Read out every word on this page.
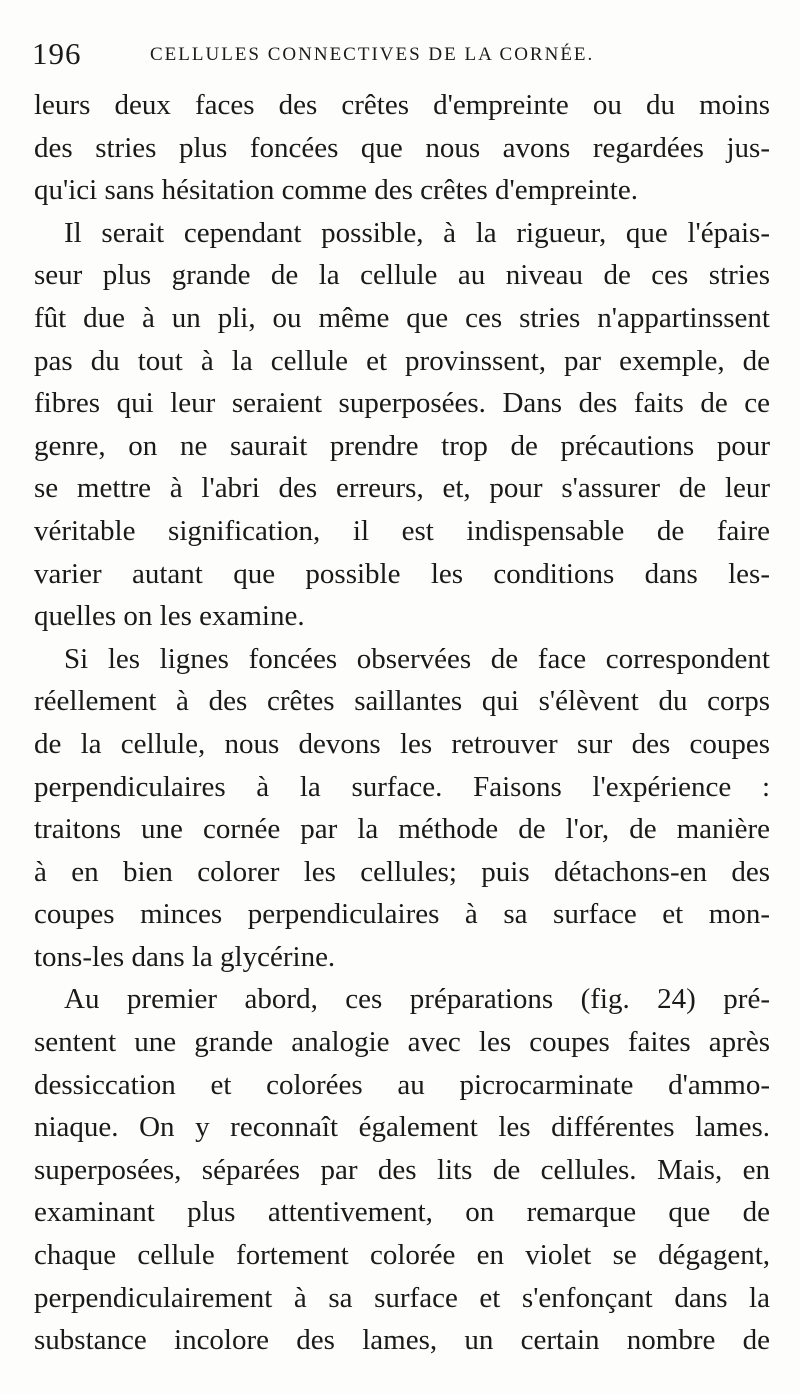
196	CELLULES CONNECTIVES DE LA CORNÉE.
leurs deux faces des crêtes d'empreinte ou du moins
des stries plus foncées que nous avons regardées jus-
qu'ici sans hésitation comme des crêtes d'empreinte.
Il serait cependant possible, à la rigueur, que l'épais-
seur plus grande de la cellule au niveau de ces stries
fût due à un pli, ou même que ces stries n'appartinssent
pas du tout à la cellule et provinssent, par exemple, de
fibres qui leur seraient superposées. Dans des faits de ce
genre, on ne saurait prendre trop de précautions pour
se mettre à l'abri des erreurs, et, pour s'assurer de leur
véritable signification, il est indispensable de faire
varier autant que possible les conditions dans les-
quelles on les examine.
Si les lignes foncées observées de face correspondent
réellement à des crêtes saillantes qui s'élèvent du corps
de la cellule, nous devons les retrouver sur des coupes
perpendiculaires à la surface. Faisons l'expérience :
traitons une cornée par la méthode de l'or, de manière
à en bien colorer les cellules; puis détachons-en des
coupes minces perpendiculaires à sa surface et mon-
tons-les dans la glycérine.
Au premier abord, ces préparations (fig. 24) pré-
sentent une grande analogie avec les coupes faites après
dessiccation et colorées au picrocarminate d'ammo-
niaque. On y reconnaît également les différentes lames.
superposées, séparées par des lits de cellules. Mais, en
examinant plus attentivement, on remarque que de
chaque cellule fortement colorée en violet se dégagent,
perpendiculairement à sa surface et s'enfonçant dans la
substance incolore des lames, un certain nombre de
